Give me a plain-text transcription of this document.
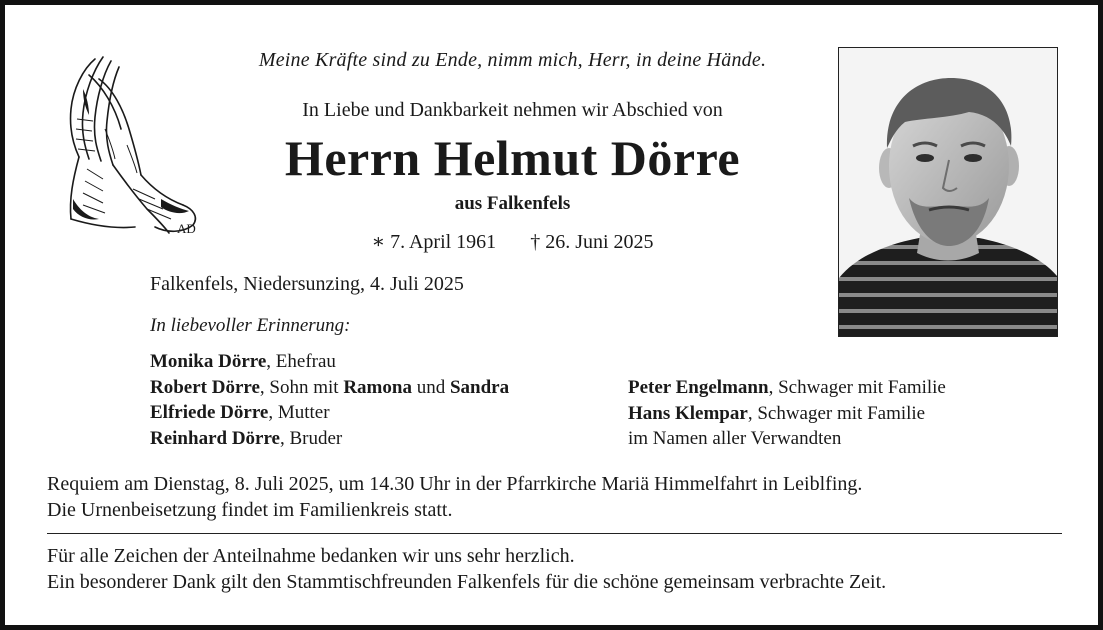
AD
Meine Kräfte sind zu Ende, nimm mich, Herr, in deine Hände.
In Liebe und Dankbarkeit nehmen wir Abschied von
Herrn Helmut Dörre
aus Falkenfels
∗ 7. April 1961 † 26. Juni 2025
Falkenfels, Niedersunzing, 4. Juli 2025
In liebevoller Erinnerung:
Monika Dörre, Ehefrau
Robert Dörre, Sohn mit Ramona und Sandra
Elfriede Dörre, Mutter
Reinhard Dörre, Bruder
Peter Engelmann, Schwager mit Familie
Hans Klempar, Schwager mit Familie
im Namen aller Verwandten
Requiem am Dienstag, 8. Juli 2025, um 14.30 Uhr in der Pfarrkirche Mariä Himmelfahrt in Leiblfing.
Die Urnenbeisetzung findet im Familienkreis statt.
Für alle Zeichen der Anteilnahme bedanken wir uns sehr herzlich.
Ein besonderer Dank gilt den Stammtischfreunden Falkenfels für die schöne gemeinsam verbrachte Zeit.
